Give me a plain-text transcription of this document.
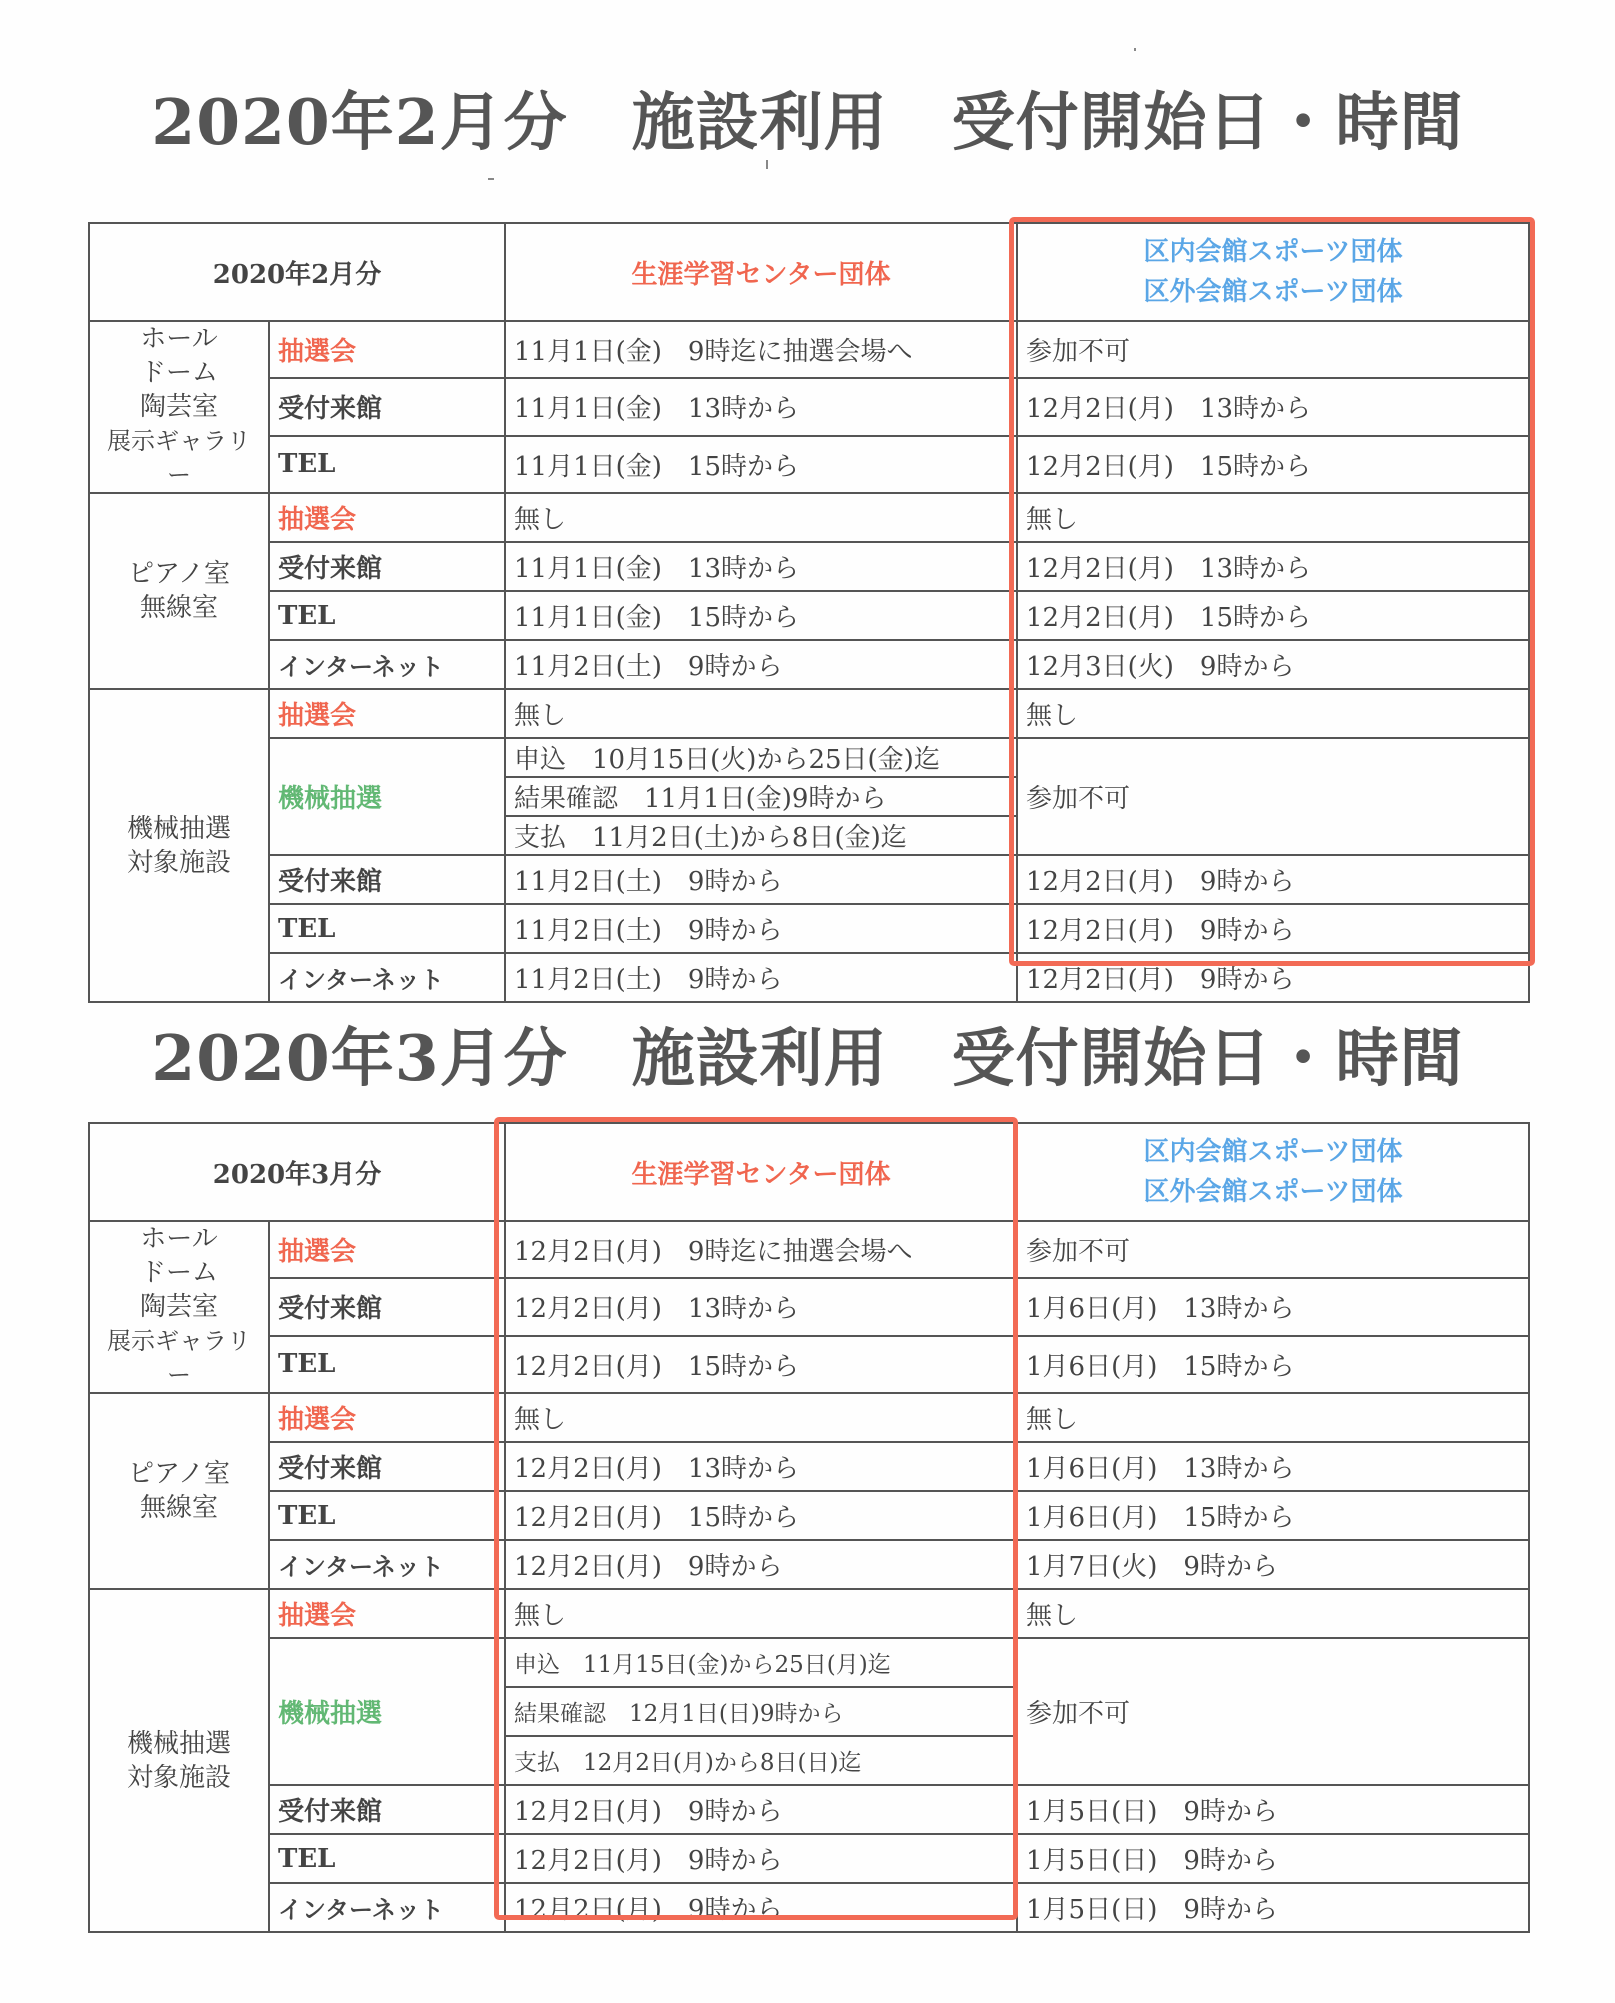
2020年2月分　施設利用　受付開始日・時間
2020年2月分		生涯学習センター団体	区内会館スポーツ団体
区外会館スポーツ団体

ホール
ドーム
陶芸室
展示ギャラリー	抽選会	11月1日(金)　9時迄に抽選会場へ	参加不可
	受付来館	11月1日(金)　13時から	12月2日(月)　13時から
	TEL	11月1日(金)　15時から	12月2日(月)　15時から

ピアノ室
無線室	抽選会	無し	無し
	受付来館	11月1日(金)　13時から	12月2日(月)　13時から
	TEL	11月1日(金)　15時から	12月2日(月)　15時から
	インターネット	11月2日(土)　9時から	12月3日(火)　9時から

機械抽選
対象施設	抽選会	無し	無し
	機械抽選	申込　10月15日(火)から25日(金)迄	参加不可
		結果確認　11月1日(金)9時から	
		支払　11月2日(土)から8日(金)迄	
	受付来館	11月2日(土)　9時から	12月2日(月)　9時から
	TEL	11月2日(土)　9時から	12月2日(月)　9時から
	インターネット	11月2日(土)　9時から	12月2日(月)　9時から
2020年3月分　施設利用　受付開始日・時間
2020年3月分		生涯学習センター団体	区内会館スポーツ団体
区外会館スポーツ団体

ホール
ドーム
陶芸室
展示ギャラリー	抽選会	12月2日(月)　9時迄に抽選会場へ	参加不可
	受付来館	12月2日(月)　13時から	1月6日(月)　13時から
	TEL	12月2日(月)　15時から	1月6日(月)　15時から

ピアノ室
無線室	抽選会	無し	無し
	受付来館	12月2日(月)　13時から	1月6日(月)　13時から
	TEL	12月2日(月)　15時から	1月6日(月)　15時から
	インターネット	12月2日(月)　9時から	1月7日(火)　9時から

機械抽選
対象施設	抽選会	無し	無し
	機械抽選	申込　11月15日(金)から25日(月)迄	参加不可
		結果確認　12月1日(日)9時から	
		支払　12月2日(月)から8日(日)迄	
	受付来館	12月2日(月)　9時から	1月5日(日)　9時から
	TEL	12月2日(月)　9時から	1月5日(日)　9時から
	インターネット	12月2日(月)　9時から	1月5日(日)　9時から
